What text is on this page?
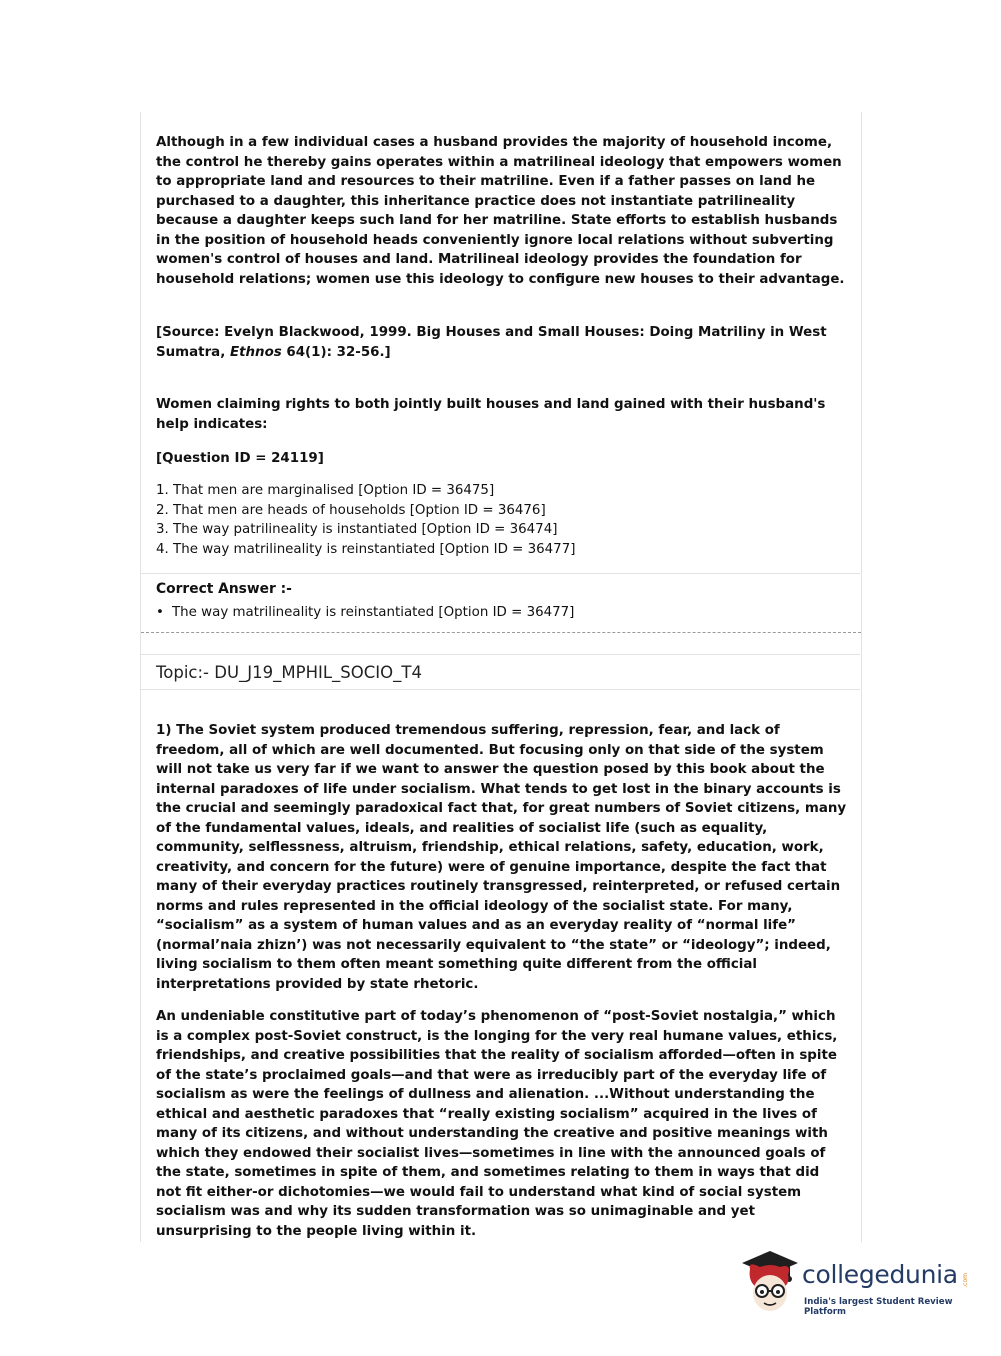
Although in a few individual cases a husband provides the majority of household income, the control he thereby gains operates within a matrilineal ideology that empowers women to appropriate land and resources to their matriline. Even if a father passes on land he purchased to a daughter, this inheritance practice does not instantiate patrilineality because a daughter keeps such land for her matriline. State efforts to establish husbands in the position of household heads conveniently ignore local relations without subverting women's control of houses and land. Matrilineal ideology provides the foundation for household relations; women use this ideology to configure new houses to their advantage.
[Source: Evelyn Blackwood, 1999. Big Houses and Small Houses: Doing Matriliny in West Sumatra, Ethnos 64(1): 32-56.]
Women claiming rights to both jointly built houses and land gained with their husband's help indicates:
[Question ID = 24119]
1. That men are marginalised [Option ID = 36475]
2. That men are heads of households [Option ID = 36476]
3. The way patrilineality is instantiated [Option ID = 36474]
4. The way matrilineality is reinstantiated [Option ID = 36477]
Correct Answer :-
• The way matrilineality is reinstantiated [Option ID = 36477]
Topic:- DU_J19_MPHIL_SOCIO_T4
1) The Soviet system produced tremendous suffering, repression, fear, and lack of freedom, all of which are well documented. But focusing only on that side of the system will not take us very far if we want to answer the question posed by this book about the internal paradoxes of life under socialism. What tends to get lost in the binary accounts is the crucial and seemingly paradoxical fact that, for great numbers of Soviet citizens, many of the fundamental values, ideals, and realities of socialist life (such as equality, community, selflessness, altruism, friendship, ethical relations, safety, education, work, creativity, and concern for the future) were of genuine importance, despite the fact that many of their everyday practices routinely transgressed, reinterpreted, or refused certain norms and rules represented in the official ideology of the socialist state. For many, “socialism” as a system of human values and as an everyday reality of “normal life” (normal’naia zhizn’) was not necessarily equivalent to “the state” or “ideology”; indeed, living socialism to them often meant something quite different from the official interpretations provided by state rhetoric.
An undeniable constitutive part of today’s phenomenon of “post-Soviet nostalgia,” which is a complex post-Soviet construct, is the longing for the very real humane values, ethics, friendships, and creative possibilities that the reality of socialism afforded—often in spite of the state’s proclaimed goals—and that were as irreducibly part of the everyday life of socialism as were the feelings of dullness and alienation. ...Without understanding the ethical and aesthetic paradoxes that “really existing socialism” acquired in the lives of many of its citizens, and without understanding the creative and positive meanings with which they endowed their socialist lives—sometimes in line with the announced goals of the state, sometimes in spite of them, and sometimes relating to them in ways that did not fit either-or dichotomies—we would fail to understand what kind of social system socialism was and why its sudden transformation was so unimaginable and yet unsurprising to the people living within it.
collegedunia .com
India's largest Student Review Platform
